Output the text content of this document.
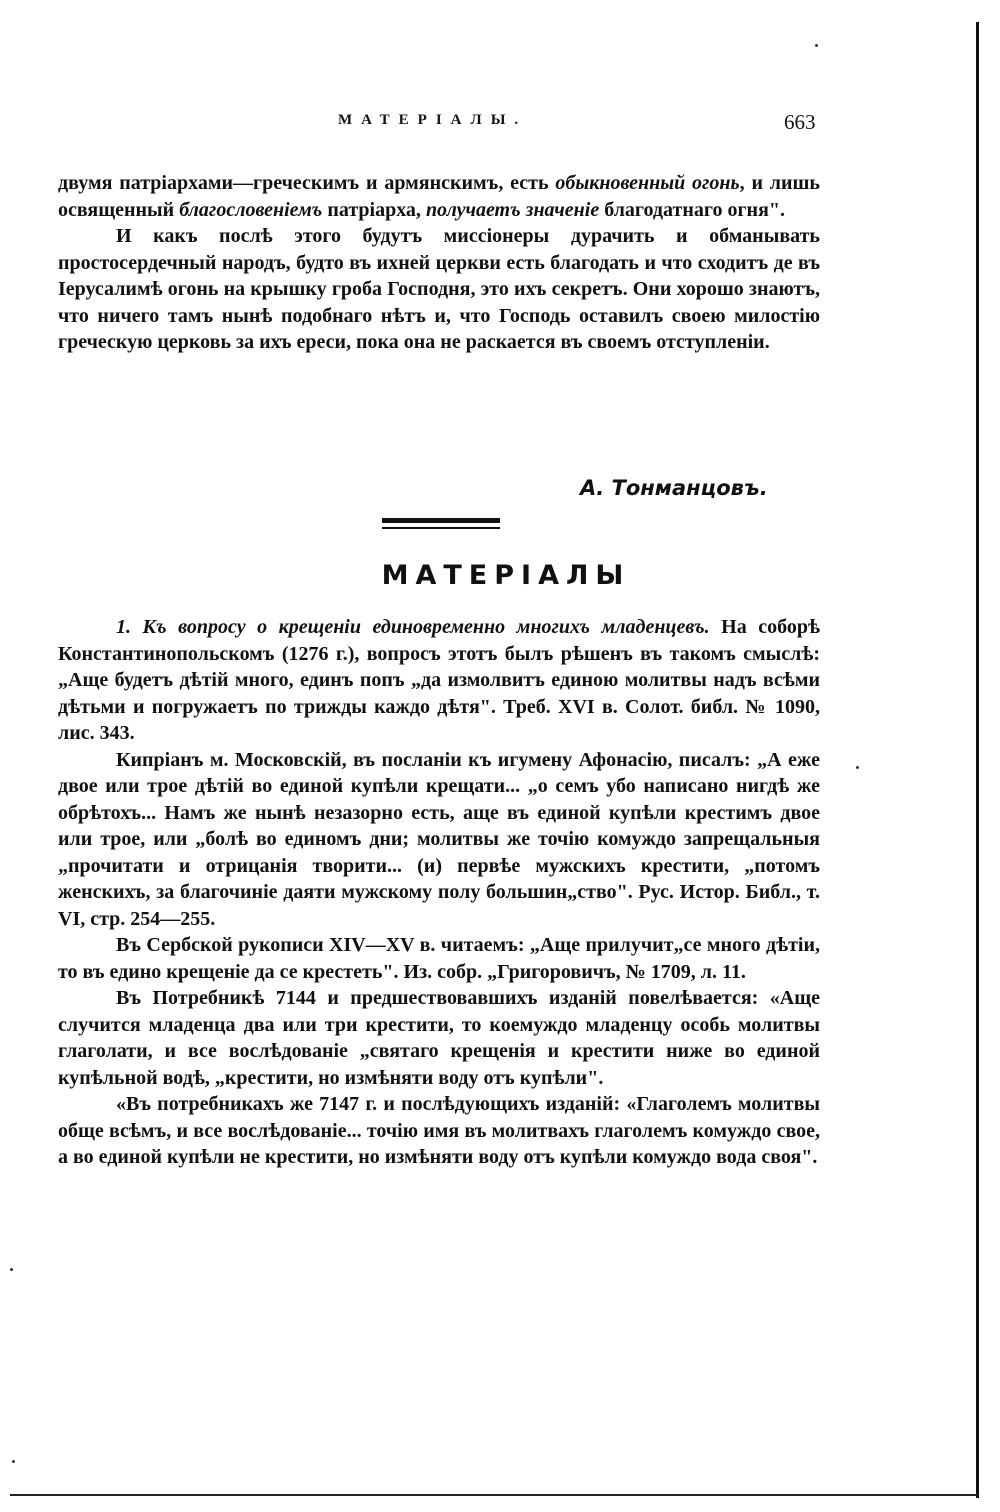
МАТЕРІАЛЫ.	663

двумя патріархами—греческимъ и армянскимъ, есть обыкновенный огонь, и лишь освященный благословеніемъ патріарха, получаетъ значеніе благодатнаго огня".

И какъ послѣ этого будутъ миссіонеры дурачить и обманывать простосердечный народъ, будто въ ихней церкви есть благодать и что сходитъ де въ Іерусалимѣ огонь на крышку гроба Господня, это ихъ секретъ. Они хорошо знаютъ, что ничего тамъ нынѣ подобнаго нѣтъ и, что Господь оставилъ своею милостію греческую церковь за ихъ ереси, пока она не раскается въ своемъ отступленіи.

А. Тонманцовъ.
МАТЕРІАЛЫ

1. Къ вопросу о крещеніи единовременно многихъ младенцевъ. На соборѣ Константинопольскомъ (1276 г.), вопросъ этотъ былъ рѣшенъ въ такомъ смыслѣ: „Аще будетъ дѣтій много, единъ попъ „да измолвитъ единою молитвы надъ всѣми дѣтьми и погружаетъ по трижды каждо дѣтя". Треб. XVI в. Солот. библ. № 1090, лис. 343.

Кипріанъ м. Московскій, въ посланіи къ игумену Афонасію, писалъ: „А еже двое или трое дѣтій во единой купѣли крещати... „о семъ убо написано нигдѣ же обрѣтохъ... Намъ же нынѣ незазорно есть, аще въ единой купѣли крестимъ двое или трое, или „болѣ во единомъ дни; молитвы же точію комуждо запрещальныя „прочитати и отрицанія творити... (и) первѣе мужскихъ крестити, „потомъ женскихъ, за благочиніе даяти мужскому полу большин„ство". Рус. Истор. Библ., т. VI, стр. 254—255.

Въ Сербской рукописи XIV—XV в. читаемъ: „Аще прилучит„се много дѣтіи, то въ едино крещеніе да се крестеть". Из. собр. „Григоровичъ, № 1709, л. 11.

Въ Потребникѣ 7144 и предшествовавшихъ изданій повелѣвается: «Аще случится младенца два или три крестити, то коемуждо младенцу особь молитвы глаголати, и все вослѣдованіе „святаго крещенія и крестити ниже во единой купѣльной водѣ, „крестити, но измѣняти воду отъ купѣли".

«Въ потребникахъ же 7147 г. и послѣдующихъ изданій: «Глаголемъ молитвы обще всѣмъ, и все вослѣдованіе... точію имя въ молитвахъ глаголемъ комуждо свое, а во единой купѣли не крестити, но измѣняти воду отъ купѣли комуждо вода своя".
